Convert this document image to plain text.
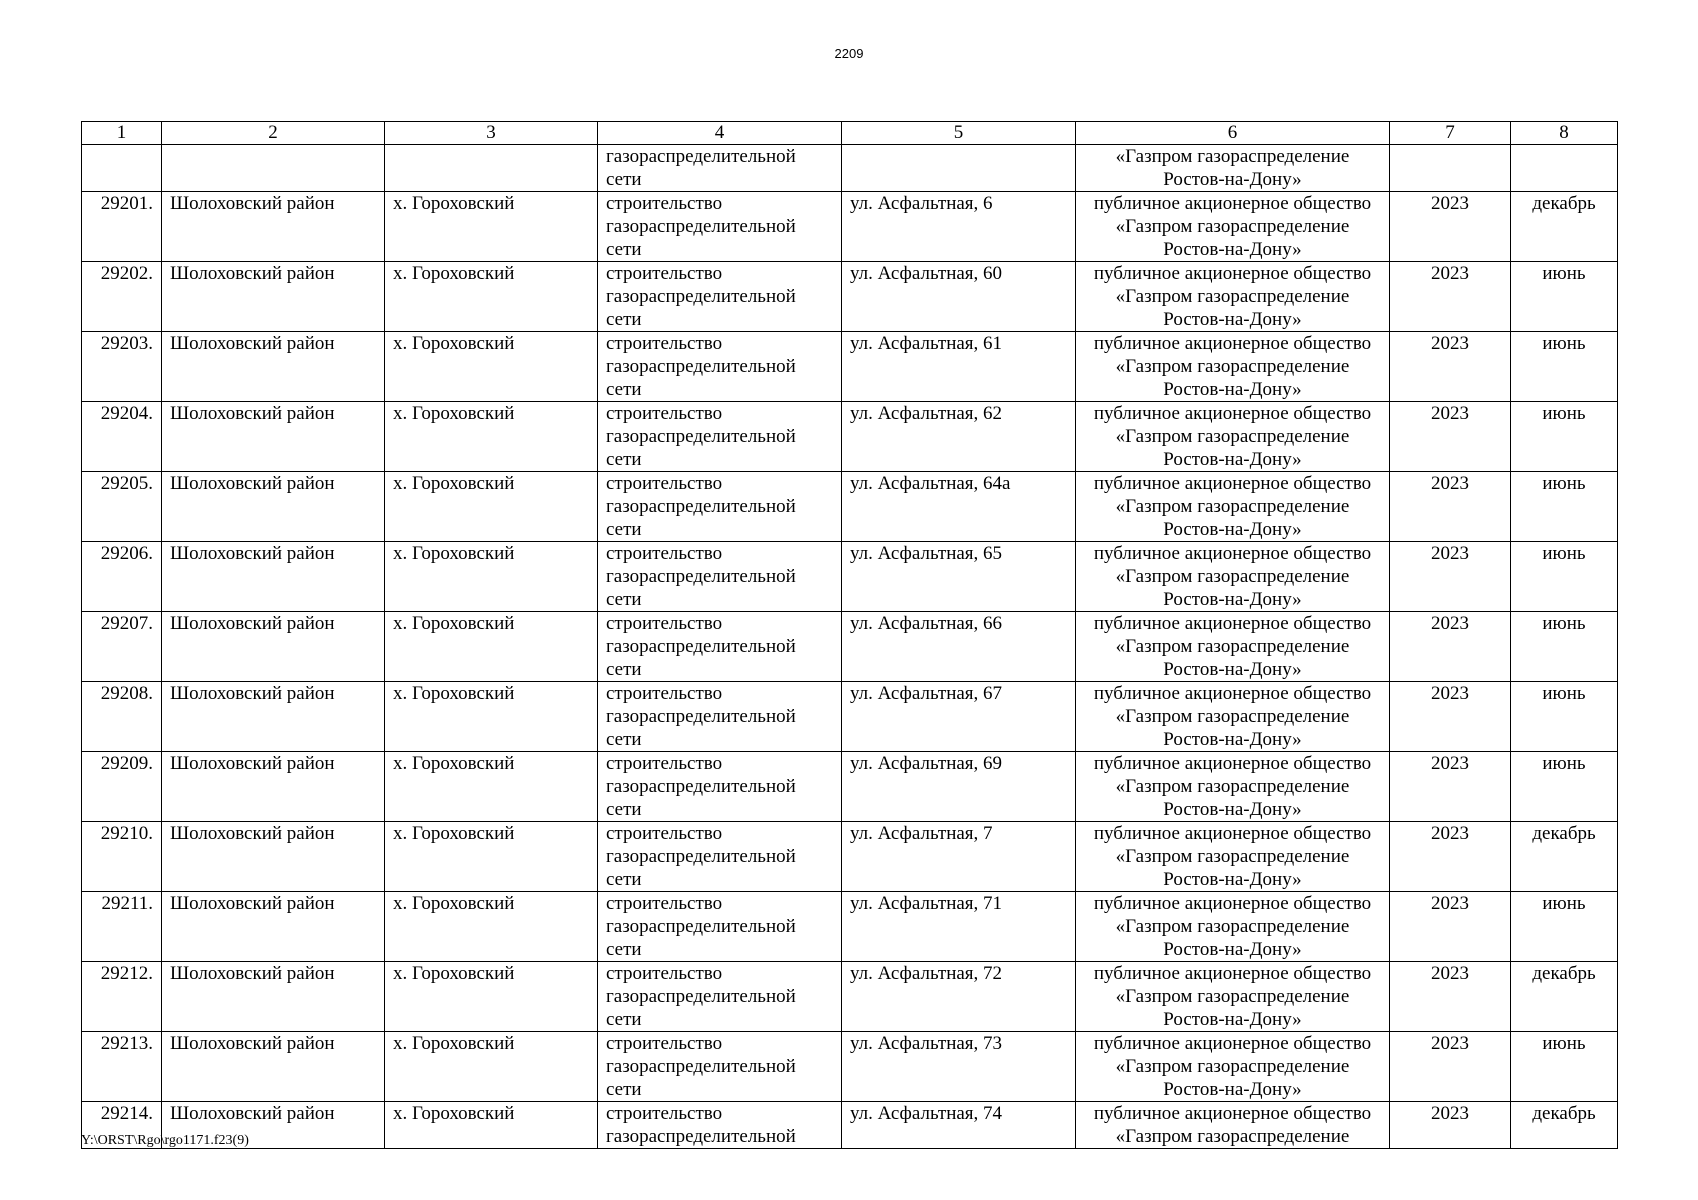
2209
1	2	3	4	5	6	7	8
			газораспределительной сети		«Газпром газораспределение Ростов-на-Дону»		
29201.	Шолоховский район	х. Гороховский	строительство газораспределительной сети	ул. Асфальтная, 6	публичное акционерное общество «Газпром газораспределение Ростов-на-Дону»	2023	декабрь
29202.	Шолоховский район	х. Гороховский	строительство газораспределительной сети	ул. Асфальтная, 60	публичное акционерное общество «Газпром газораспределение Ростов-на-Дону»	2023	июнь
29203.	Шолоховский район	х. Гороховский	строительство газораспределительной сети	ул. Асфальтная, 61	публичное акционерное общество «Газпром газораспределение Ростов-на-Дону»	2023	июнь
29204.	Шолоховский район	х. Гороховский	строительство газораспределительной сети	ул. Асфальтная, 62	публичное акционерное общество «Газпром газораспределение Ростов-на-Дону»	2023	июнь
29205.	Шолоховский район	х. Гороховский	строительство газораспределительной сети	ул. Асфальтная, 64а	публичное акционерное общество «Газпром газораспределение Ростов-на-Дону»	2023	июнь
29206.	Шолоховский район	х. Гороховский	строительство газораспределительной сети	ул. Асфальтная, 65	публичное акционерное общество «Газпром газораспределение Ростов-на-Дону»	2023	июнь
29207.	Шолоховский район	х. Гороховский	строительство газораспределительной сети	ул. Асфальтная, 66	публичное акционерное общество «Газпром газораспределение Ростов-на-Дону»	2023	июнь
29208.	Шолоховский район	х. Гороховский	строительство газораспределительной сети	ул. Асфальтная, 67	публичное акционерное общество «Газпром газораспределение Ростов-на-Дону»	2023	июнь
29209.	Шолоховский район	х. Гороховский	строительство газораспределительной сети	ул. Асфальтная, 69	публичное акционерное общество «Газпром газораспределение Ростов-на-Дону»	2023	июнь
29210.	Шолоховский район	х. Гороховский	строительство газораспределительной сети	ул. Асфальтная, 7	публичное акционерное общество «Газпром газораспределение Ростов-на-Дону»	2023	декабрь
29211.	Шолоховский район	х. Гороховский	строительство газораспределительной сети	ул. Асфальтная, 71	публичное акционерное общество «Газпром газораспределение Ростов-на-Дону»	2023	июнь
29212.	Шолоховский район	х. Гороховский	строительство газораспределительной сети	ул. Асфальтная, 72	публичное акционерное общество «Газпром газораспределение Ростов-на-Дону»	2023	декабрь
29213.	Шолоховский район	х. Гороховский	строительство газораспределительной сети	ул. Асфальтная, 73	публичное акционерное общество «Газпром газораспределение Ростов-на-Дону»	2023	июнь
29214.	Шолоховский район	х. Гороховский	строительство газораспределительной	ул. Асфальтная, 74	публичное акционерное общество «Газпром газораспределение	2023	декабрь
Y:\ORST\Rgo\rgo1171.f23(9)
